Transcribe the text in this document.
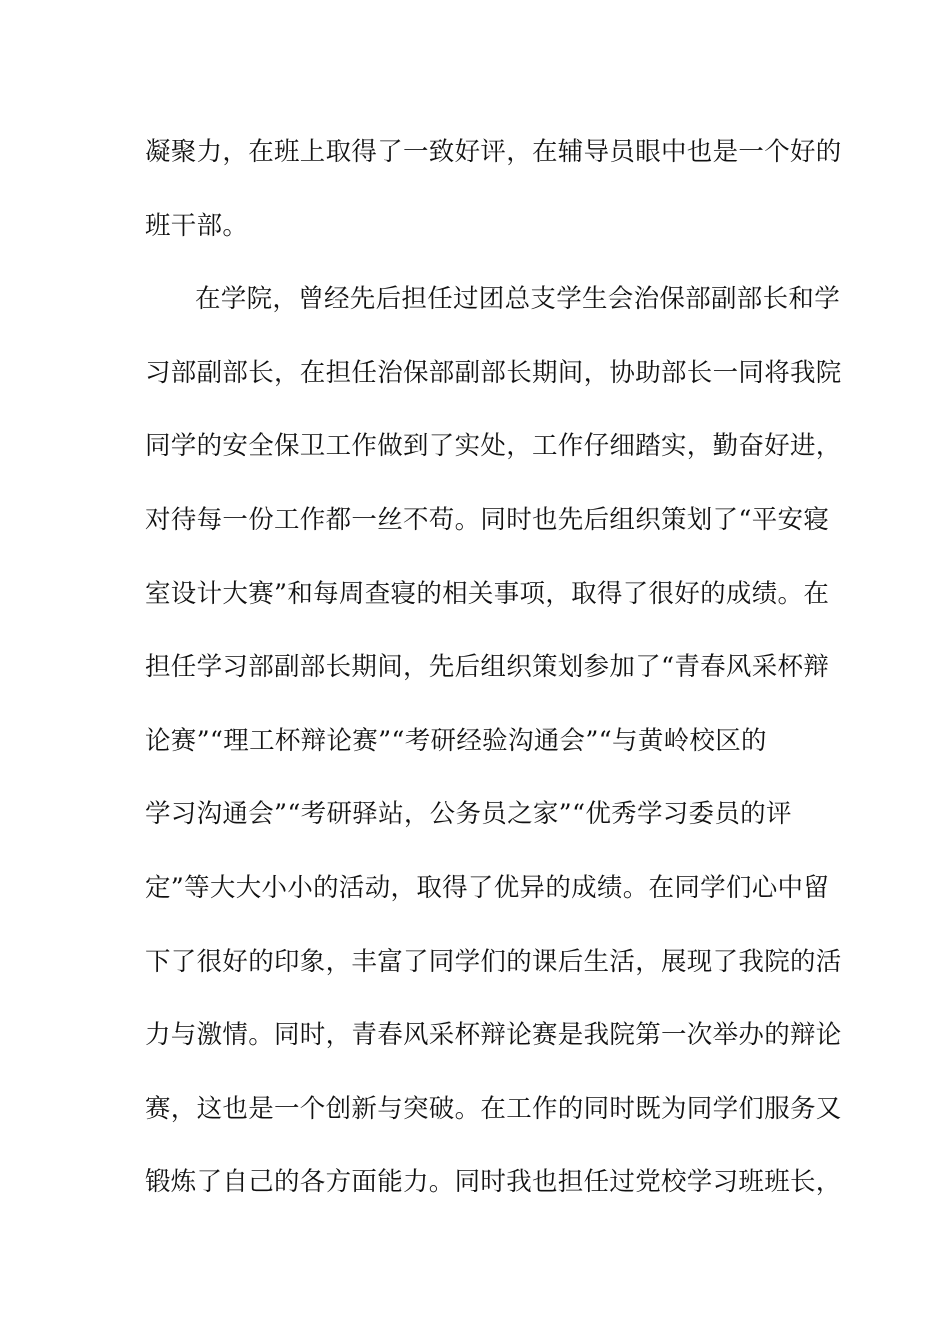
凝聚力，在班上取得了一致好评，在辅导员眼中也是一个好的
班干部。
在学院，曾经先后担任过团总支学生会治保部副部长和学
习部副部长，在担任治保部副部长期间，协助部长一同将我院
同学的安全保卫工作做到了实处，工作仔细踏实，勤奋好进，
对待每一份工作都一丝不苟。同时也先后组织策划了“平安寝
室设计大赛”和每周查寝的相关事项，取得了很好的成绩。在
担任学习部副部长期间，先后组织策划参加了“青春风采杯辩
论赛”“理工杯辩论赛”“考研经验沟通会”“与黄岭校区的
学习沟通会”“考研驿站，公务员之家”“优秀学习委员的评
定”等大大小小的活动，取得了优异的成绩。在同学们心中留
下了很好的印象，丰富了同学们的课后生活，展现了我院的活
力与激情。同时，青春风采杯辩论赛是我院第一次举办的辩论
赛，这也是一个创新与突破。在工作的同时既为同学们服务又
锻炼了自己的各方面能力。同时我也担任过党校学习班班长，
